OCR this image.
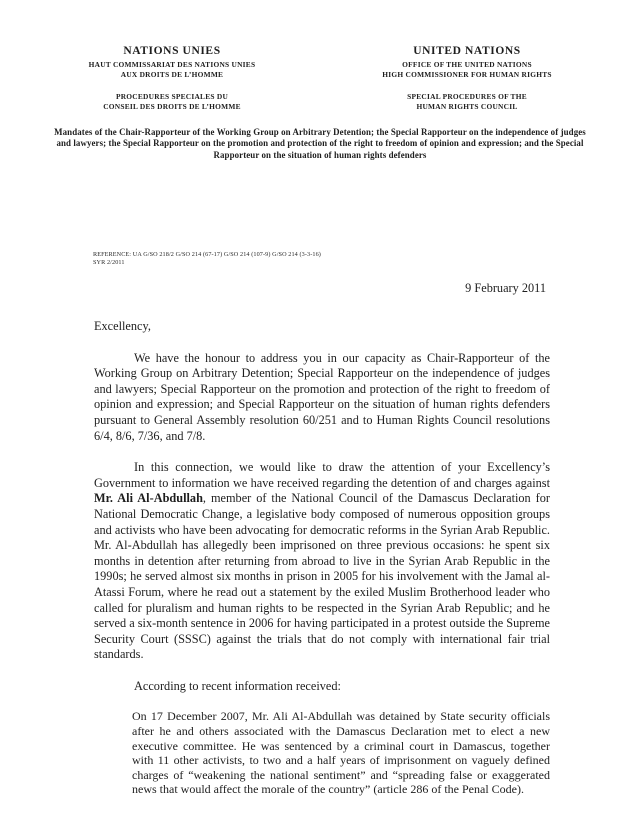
NATIONS UNIES
HAUT COMMISSARIAT DES NATIONS UNIES
AUX DROITS DE L’HOMME
PROCEDURES SPECIALES DU
CONSEIL DES DROITS DE L’HOMME
UNITED NATIONS
OFFICE OF THE UNITED NATIONS
HIGH COMMISSIONER FOR HUMAN RIGHTS
SPECIAL PROCEDURES OF THE
HUMAN RIGHTS COUNCIL
Mandates of the Chair-Rapporteur of the Working Group on Arbitrary Detention; the Special Rapporteur on the independence of judges and lawyers; the Special Rapporteur on the promotion and protection of the right to freedom of opinion and expression; and the Special Rapporteur on the situation of human rights defenders
REFERENCE: UA G/SO 218/2 G/SO 214 (67-17) G/SO 214 (107-9) G/SO 214 (3-3-16)
SYR 2/2011
9 February 2011

Excellency,

We have the honour to address you in our capacity as Chair-Rapporteur of the Working Group on Arbitrary Detention; Special Rapporteur on the independence of judges and lawyers; Special Rapporteur on the promotion and protection of the right to freedom of opinion and expression; and Special Rapporteur on the situation of human rights defenders pursuant to General Assembly resolution 60/251 and to Human Rights Council resolutions 6/4, 8/6, 7/36, and 7/8.

In this connection, we would like to draw the attention of your Excellency’s Government to information we have received regarding the detention of and charges against Mr. Ali Al-Abdullah, member of the National Council of the Damascus Declaration for National Democratic Change, a legislative body composed of numerous opposition groups and activists who have been advocating for democratic reforms in the Syrian Arab Republic. Mr. Al-Abdullah has allegedly been imprisoned on three previous occasions: he spent six months in detention after returning from abroad to live in the Syrian Arab Republic in the 1990s; he served almost six months in prison in 2005 for his involvement with the Jamal al-Atassi Forum, where he read out a statement by the exiled Muslim Brotherhood leader who called for pluralism and human rights to be respected in the Syrian Arab Republic; and he served a six-month sentence in 2006 for having participated in a protest outside the Supreme Security Court (SSSC) against the trials that do not comply with international fair trial standards.

According to recent information received:

On 17 December 2007, Mr. Ali Al-Abdullah was detained by State security officials after he and others associated with the Damascus Declaration met to elect a new executive committee. He was sentenced by a criminal court in Damascus, together with 11 other activists, to two and a half years of imprisonment on vaguely defined charges of “weakening the national sentiment” and “spreading false or exaggerated news that would affect the morale of the country” (article 286 of the Penal Code).
